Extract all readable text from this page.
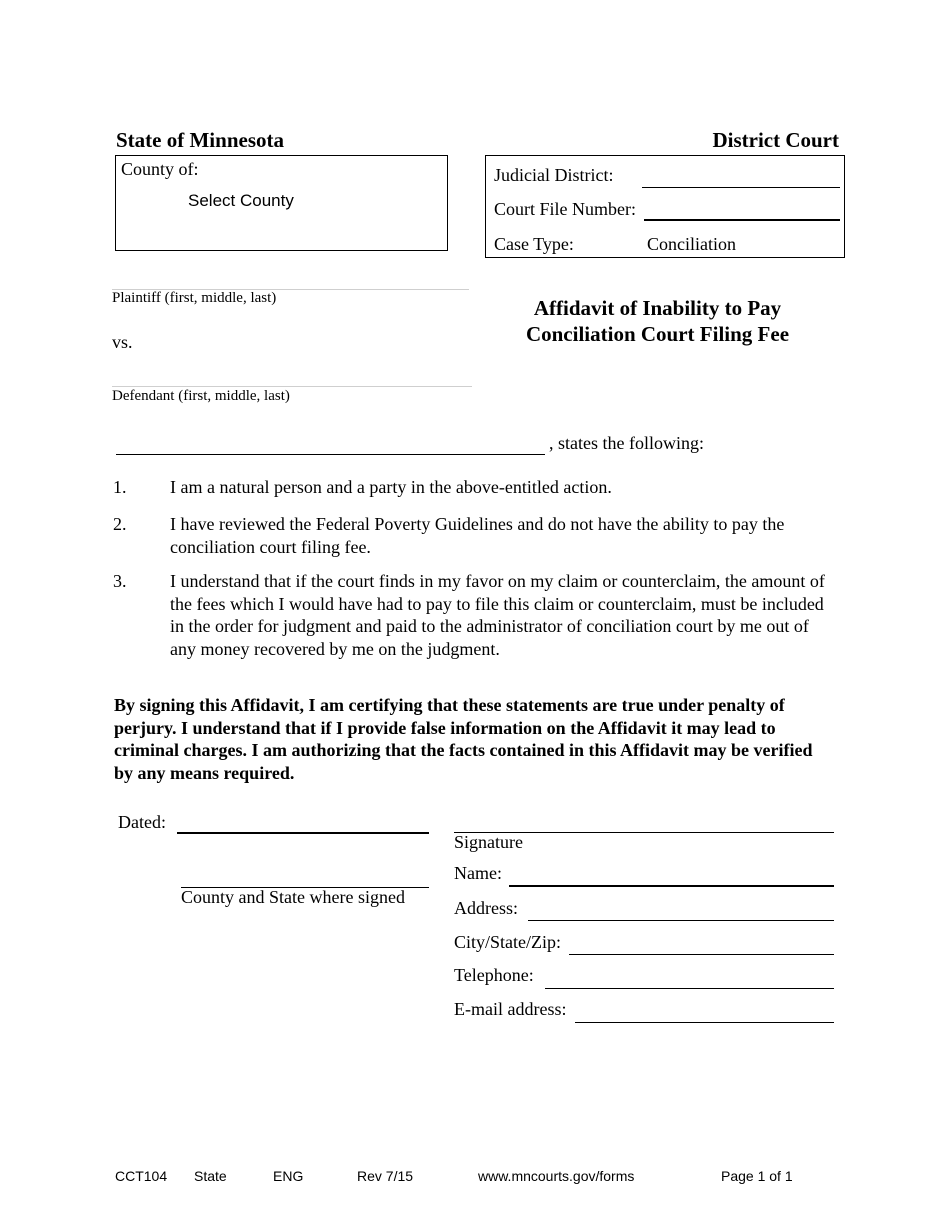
State of Minnesota	District Court
County of:
Select County
Judicial District:
Court File Number:
Case Type:	Conciliation
Plaintiff (first, middle, last)
vs.
Defendant (first, middle, last)
Affidavit of Inability to Pay
Conciliation Court Filing Fee
, states the following:
1. I am a natural person and a party in the above-entitled action.
2. I have reviewed the Federal Poverty Guidelines and do not have the ability to pay the conciliation court filing fee.
3. I understand that if the court finds in my favor on my claim or counterclaim, the amount of the fees which I would have had to pay to file this claim or counterclaim, must be included in the order for judgment and paid to the administrator of conciliation court by me out of any money recovered by me on the judgment.
By signing this Affidavit, I am certifying that these statements are true under penalty of perjury. I understand that if I provide false information on the Affidavit it may lead to criminal charges. I am authorizing that the facts contained in this Affidavit may be verified by any means required.
Dated:
County and State where signed
Signature
Name:
Address:
City/State/Zip:
Telephone:
E-mail address:
CCT104 State	ENG	Rev 7/15	www.mncourts.gov/forms	Page 1 of 1
